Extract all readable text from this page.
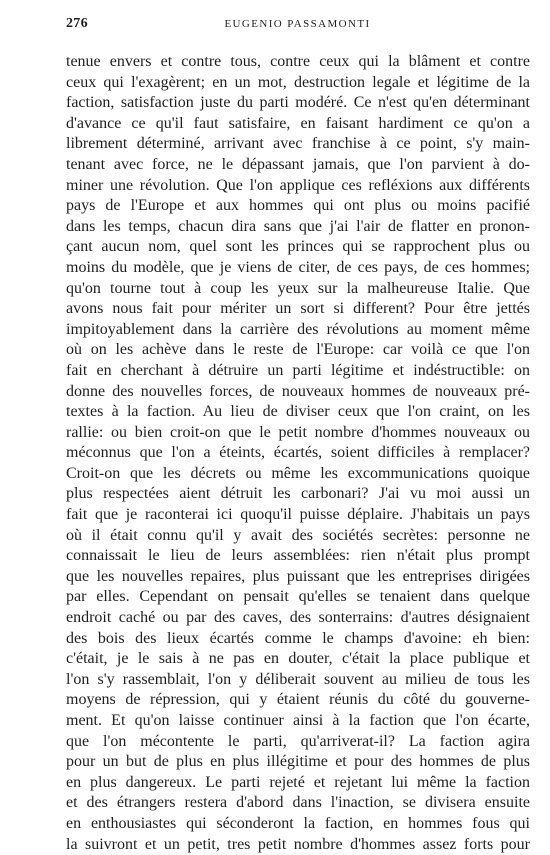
276	EUGENIO PASSAMONTI
tenue envers et contre tous, contre ceux qui la blâment et contre
ceux qui l'exagèrent; en un mot, destruction legale et légitime de la
faction, satisfaction juste du parti modéré. Ce n'est qu'en déterminant
d'avance ce qu'il faut satisfaire, en faisant hardiment ce qu'on a
librement déterminé, arrivant avec franchise à ce point, s'y main-
tenant avec force, ne le dépassant jamais, que l'on parvient à do-
miner une révolution. Que l'on applique ces refléxions aux différents
pays de l'Europe et aux hommes qui ont plus ou moins pacifié
dans les temps, chacun dira sans que j'ai l'air de flatter en pronon-
çant aucun nom, quel sont les princes qui se rapprochent plus ou
moins du modèle, que je viens de citer, de ces pays, de ces hommes;
qu'on tourne tout à coup les yeux sur la malheureuse Italie. Que
avons nous fait pour mériter un sort si different? Pour être jettés
impitoyablement dans la carrière des révolutions au moment même
où on les achève dans le reste de l'Europe: car voilà ce que l'on
fait en cherchant à détruire un parti légitime et indéstructible: on
donne des nouvelles forces, de nouveaux hommes de nouveaux pré-
textes à la faction. Au lieu de diviser ceux que l'on craint, on les
rallie: ou bien croit-on que le petit nombre d'hommes nouveaux ou
méconnus que l'on a éteints, écartés, soient difficiles à remplacer?
Croit-on que les décrets ou même les excommunications quoique
plus respectées aient détruit les carbonari? J'ai vu moi aussi un
fait que je raconterai ici quoqu'il puisse déplaire. J'habitais un pays
où il était connu qu'il y avait des sociétés secrètes: personne ne
connaissait le lieu de leurs assemblées: rien n'était plus prompt
que les nouvelles repaires, plus puissant que les entreprises dirigées
par elles. Cependant on pensait qu'elles se tenaient dans quelque
endroit caché ou par des caves, des sonterrains: d'autres désignaient
des bois des lieux écartés comme le champs d'avoine: eh bien:
c'était, je le sais à ne pas en douter, c'était la place publique et
l'on s'y rassemblait, l'on y déliberait souvent au milieu de tous les
moyens de répression, qui y étaient réunis du côté du gouverne-
ment. Et qu'on laisse continuer ainsi à la faction que l'on écarte,
que l'on mécontente le parti, qu'arriverat-il? La faction agira
pour un but de plus en plus illégitime et pour des hommes de plus
en plus dangereux. Le parti rejeté et rejetant lui même la faction
et des étrangers restera d'abord dans l'inaction, se divisera ensuite
en enthousiastes qui séconderont la faction, en hommes fous qui
la suivront et un petit, tres petit nombre d'hommes assez forts pour
